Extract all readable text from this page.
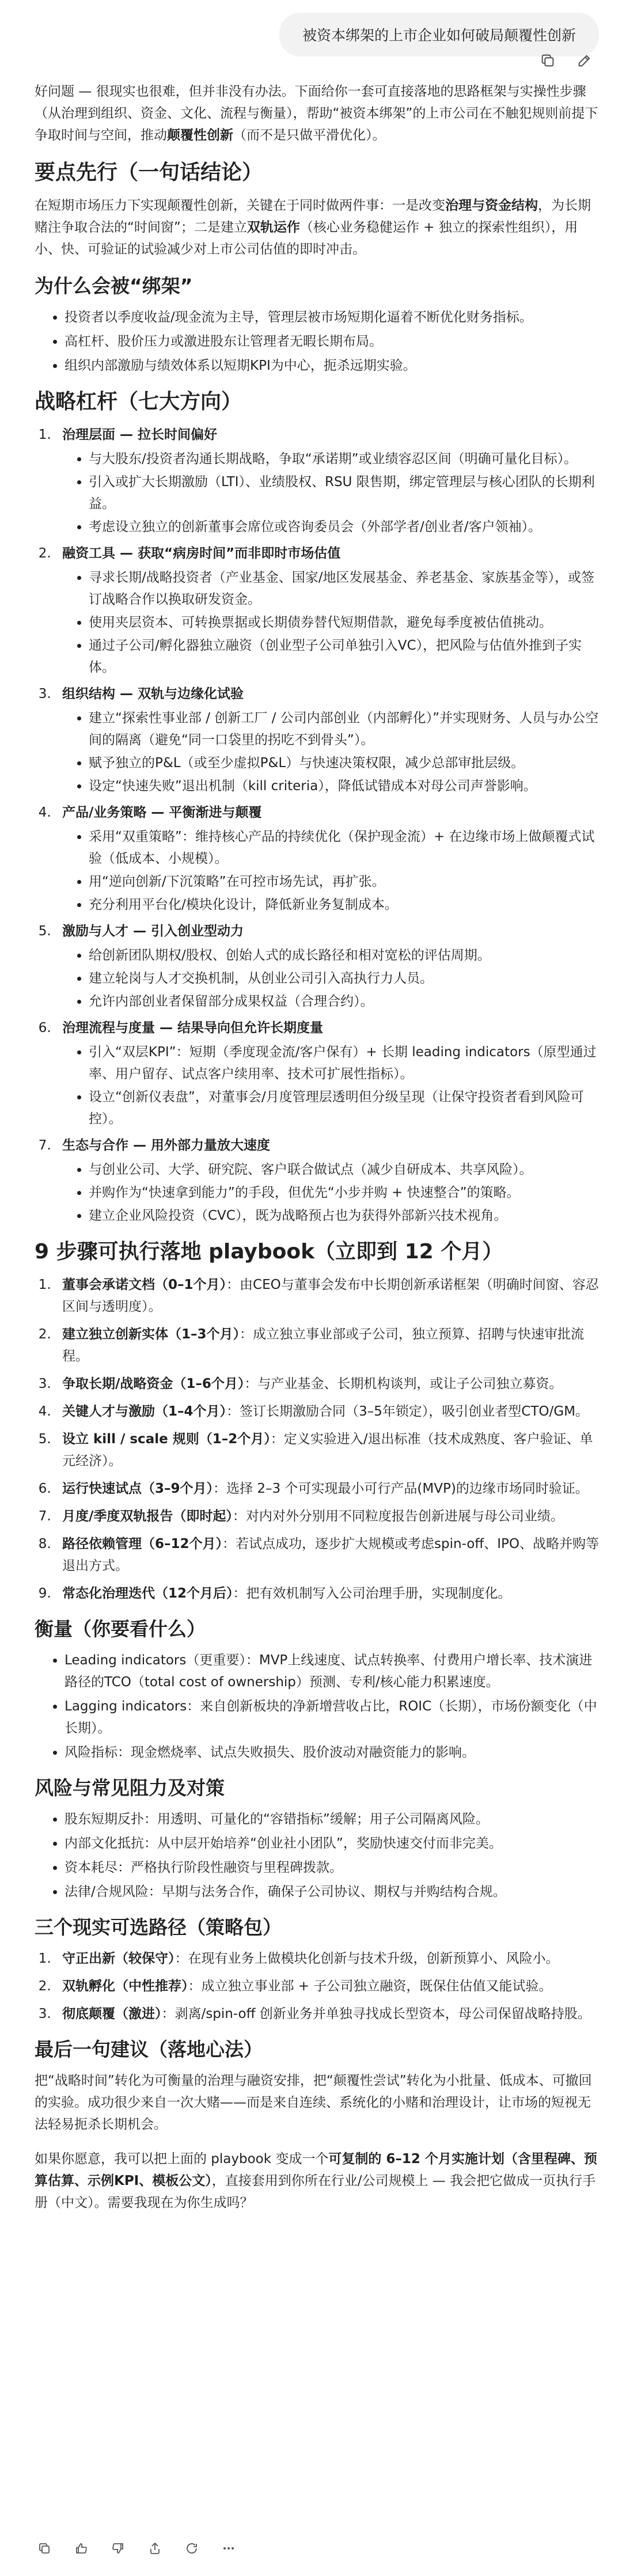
被资本绑架的上市企业如何破局颠覆性创新

好问题 — 很现实也很难，但并非没有办法。下面给你一套可直接落地的思路框架与实操性步骤（从治理到组织、资金、文化、流程与衡量），帮助“被资本绑架”的上市公司在不触犯规则前提下争取时间与空间，推动颠覆性创新（而不是只做平滑优化）。

要点先行（一句话结论）

在短期市场压力下实现颠覆性创新，关键在于同时做两件事：一是改变治理与资金结构，为长期赌注争取合法的“时间窗”；二是建立双轨运作（核心业务稳健运作 + 独立的探索性组织），用小、快、可验证的试验减少对上市公司估值的即时冲击。

为什么会被“绑架”
• 投资者以季度收益/现金流为主导，管理层被市场短期化逼着不断优化财务指标。
• 高杠杆、股价压力或激进股东让管理者无暇长期布局。
• 组织内部激励与绩效体系以短期KPI为中心，扼杀远期实验。
战略杠杆（七大方向）
1. 治理层面 — 拉长时间偏好
• 与大股东/投资者沟通长期战略，争取“承诺期”或业绩容忍区间（明确可量化目标）。
• 引入或扩大长期激励（LTI）、业绩股权、RSU 限售期，绑定管理层与核心团队的长期利益。
• 考虑设立独立的创新董事会席位或咨询委员会（外部学者/创业者/客户领袖）。
2. 融资工具 — 获取“病房时间”而非即时市场估值
• 寻求长期/战略投资者（产业基金、国家/地区发展基金、养老基金、家族基金等），或签订战略合作以换取研发资金。
• 使用夹层资本、可转换票据或长期债券替代短期借款，避免每季度被估值挑动。
• 通过子公司/孵化器独立融资（创业型子公司单独引入VC），把风险与估值外推到子实体。
3. 组织结构 — 双轨与边缘化试验
• 建立“探索性事业部 / 创新工厂 / 公司内部创业（内部孵化）”并实现财务、人员与办公空间的隔离（避免“同一口袋里的拐吃不到骨头”）。
• 赋予独立的P&L（或至少虚拟P&L）与快速决策权限，减少总部审批层级。
• 设定“快速失败”退出机制（kill criteria），降低试错成本对母公司声誉影响。
4. 产品/业务策略 — 平衡渐进与颠覆
• 采用“双重策略”：维持核心产品的持续优化（保护现金流）+ 在边缘市场上做颠覆式试验（低成本、小规模）。
• 用“逆向创新/下沉策略”在可控市场先试，再扩张。
• 充分利用平台化/模块化设计，降低新业务复制成本。
5. 激励与人才 — 引入创业型动力
• 给创新团队期权/股权、创始人式的成长路径和相对宽松的评估周期。
• 建立轮岗与人才交换机制，从创业公司引入高执行力人员。
• 允许内部创业者保留部分成果权益（合理合约）。
6. 治理流程与度量 — 结果导向但允许长期度量
• 引入“双层KPI”：短期（季度现金流/客户保有）+ 长期 leading indicators（原型通过率、用户留存、试点客户续用率、技术可扩展性指标）。
• 设立“创新仪表盘”，对董事会/月度管理层透明但分级呈现（让保守投资者看到风险可控）。
7. 生态与合作 — 用外部力量放大速度
• 与创业公司、大学、研究院、客户联合做试点（减少自研成本、共享风险）。
• 并购作为“快速拿到能力”的手段，但优先“小步并购 + 快速整合”的策略。
• 建立企业风险投资（CVC），既为战略预占也为获得外部新兴技术视角。
9 步骤可执行落地 playbook（立即到 12 个月）
1. 董事会承诺文档（0–1个月）：由CEO与董事会发布中长期创新承诺框架（明确时间窗、容忍区间与透明度）。
2. 建立独立创新实体（1–3个月）：成立独立事业部或子公司，独立预算、招聘与快速审批流程。
3. 争取长期/战略资金（1–6个月）：与产业基金、长期机构谈判，或让子公司独立募资。
4. 关键人才与激励（1–4个月）：签订长期激励合同（3–5年锁定），吸引创业者型CTO/GM。
5. 设立 kill / scale 规则（1–2个月）：定义实验进入/退出标准（技术成熟度、客户验证、单元经济）。
6. 运行快速试点（3–9个月）：选择 2–3 个可实现最小可行产品(MVP)的边缘市场同时验证。
7. 月度/季度双轨报告（即时起）：对内对外分别用不同粒度报告创新进展与母公司业绩。
8. 路径依赖管理（6–12个月）：若试点成功，逐步扩大规模或考虑spin-off、IPO、战略并购等退出方式。
9. 常态化治理迭代（12个月后）：把有效机制写入公司治理手册，实现制度化。
衡量（你要看什么）
• Leading indicators（更重要）：MVP上线速度、试点转换率、付费用户增长率、技术演进路径的TCO（total cost of ownership）预测、专利/核心能力积累速度。
• Lagging indicators：来自创新板块的净新增营收占比，ROIC（长期），市场份额变化（中长期）。
• 风险指标：现金燃烧率、试点失败损失、股价波动对融资能力的影响。
风险与常见阻力及对策
• 股东短期反扑：用透明、可量化的“容错指标”缓解；用子公司隔离风险。
• 内部文化抵抗：从中层开始培养“创业社小团队”，奖励快速交付而非完美。
• 资本耗尽：严格执行阶段性融资与里程碑拨款。
• 法律/合规风险：早期与法务合作，确保子公司协议、期权与并购结构合规。
三个现实可选路径（策略包）
1. 守正出新（较保守）：在现有业务上做模块化创新与技术升级，创新预算小、风险小。
2. 双轨孵化（中性推荐）：成立独立事业部 + 子公司独立融资，既保住估值又能试验。
3. 彻底颠覆（激进）：剥离/spin-off 创新业务并单独寻找成长型资本，母公司保留战略持股。
最后一句建议（落地心法）

把“战略时间”转化为可衡量的治理与融资安排，把“颠覆性尝试”转化为小批量、低成本、可撤回的实验。成功很少来自一次大赌——而是来自连续、系统化的小赌和治理设计，让市场的短视无法轻易扼杀长期机会。

如果你愿意，我可以把上面的 playbook 变成一个可复制的 6–12 个月实施计划（含里程碑、预算估算、示例KPI、模板公文），直接套用到你所在行业/公司规模上 — 我会把它做成一页执行手册（中文）。需要我现在为你生成吗？
